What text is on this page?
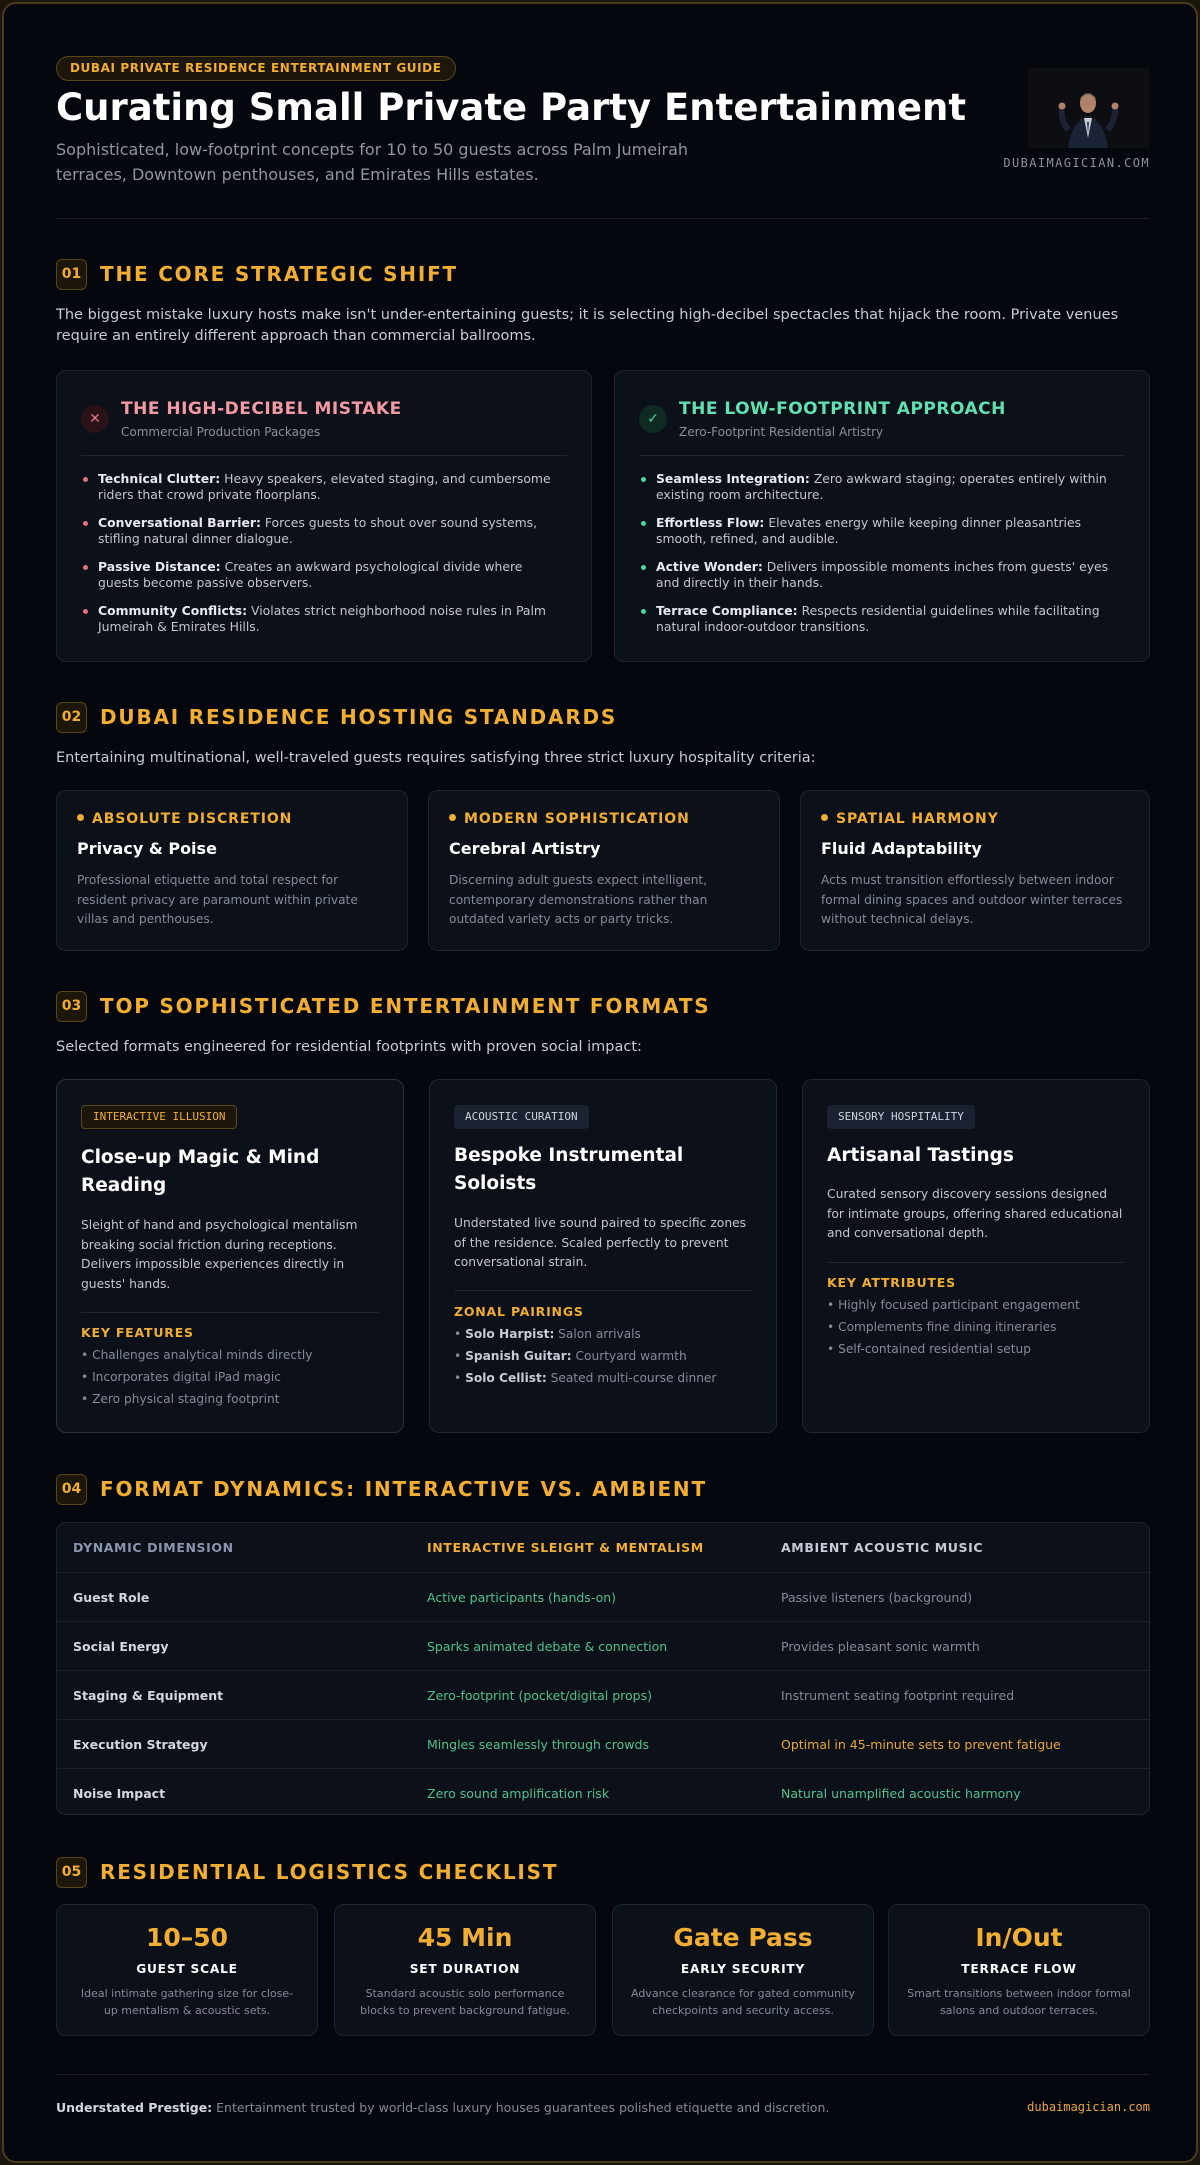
DUBAI PRIVATE RESIDENCE ENTERTAINMENT GUIDE
Curating Small Private Party Entertainment

Sophisticated, low-footprint concepts for 10 to 50 guests across Palm Jumeirah terraces, Downtown penthouses, and Emirates Hills estates.

DUBAIMAGICIAN.COM
01 THE CORE STRATEGIC SHIFT

The biggest mistake luxury hosts make isn't under-entertaining guests; it is selecting high-decibel spectacles that hijack the room. Private venues require an entirely different approach than commercial ballrooms.

✕	THE HIGH-DECIBEL MISTAKE
Commercial Production Packages
Technical Clutter: Heavy speakers, elevated staging, and cumbersome riders that crowd private floorplans.
Conversational Barrier: Forces guests to shout over sound systems, stifling natural dinner dialogue.
Passive Distance: Creates an awkward psychological divide where guests become passive observers.
Community Conflicts: Violates strict neighborhood noise rules in Palm Jumeirah & Emirates Hills.
✓	THE LOW-FOOTPRINT APPROACH
Zero-Footprint Residential Artistry
Seamless Integration: Zero awkward staging; operates entirely within existing room architecture.
Effortless Flow: Elevates energy while keeping dinner pleasantries smooth, refined, and audible.
Active Wonder: Delivers impossible moments inches from guests' eyes and directly in their hands.
Terrace Compliance: Respects residential guidelines while facilitating natural indoor-outdoor transitions.
02 DUBAI RESIDENCE HOSTING STANDARDS

Entertaining multinational, well-traveled guests requires satisfying three strict luxury hospitality criteria:

ABSOLUTE DISCRETION
Privacy & Poise
Professional etiquette and total respect for resident privacy are paramount within private villas and penthouses.
MODERN SOPHISTICATION
Cerebral Artistry
Discerning adult guests expect intelligent, contemporary demonstrations rather than outdated variety acts or party tricks.
SPATIAL HARMONY
Fluid Adaptability
Acts must transition effortlessly between indoor formal dining spaces and outdoor winter terraces without technical delays.
03 TOP SOPHISTICATED ENTERTAINMENT FORMATS

Selected formats engineered for residential footprints with proven social impact:

INTERACTIVE ILLUSION
Close-up Magic & Mind Reading
Sleight of hand and psychological mentalism breaking social friction during receptions. Delivers impossible experiences directly in guests' hands.
KEY FEATURES
• Challenges analytical minds directly
• Incorporates digital iPad magic
• Zero physical staging footprint
ACOUSTIC CURATION
Bespoke Instrumental Soloists
Understated live sound paired to specific zones of the residence. Scaled perfectly to prevent conversational strain.
ZONAL PAIRINGS
• Solo Harpist: Salon arrivals
• Spanish Guitar: Courtyard warmth
• Solo Cellist: Seated multi-course dinner
SENSORY HOSPITALITY
Artisanal Tastings
Curated sensory discovery sessions designed for intimate groups, offering shared educational and conversational depth.
KEY ATTRIBUTES
• Highly focused participant engagement
• Complements fine dining itineraries
• Self-contained residential setup
04 FORMAT DYNAMICS: INTERACTIVE VS. AMBIENT
DYNAMIC DIMENSION	INTERACTIVE SLEIGHT & MENTALISM	AMBIENT ACOUSTIC MUSIC
Guest Role	Active participants (hands-on)	Passive listeners (background)
Social Energy	Sparks animated debate & connection	Provides pleasant sonic warmth
Staging & Equipment	Zero-footprint (pocket/digital props)	Instrument seating footprint required
Execution Strategy	Mingles seamlessly through crowds	Optimal in 45-minute sets to prevent fatigue
Noise Impact	Zero sound amplification risk	Natural unamplified acoustic harmony
05 RESIDENTIAL LOGISTICS CHECKLIST
10–50
GUEST SCALE
Ideal intimate gathering size for close-up mentalism & acoustic sets.
45 Min
SET DURATION
Standard acoustic solo performance blocks to prevent background fatigue.
Gate Pass
EARLY SECURITY
Advance clearance for gated community checkpoints and security access.
In/Out
TERRACE FLOW
Smart transitions between indoor formal salons and outdoor terraces.
Understated Prestige: Entertainment trusted by world-class luxury houses guarantees polished etiquette and discretion.	dubaimagician.com
